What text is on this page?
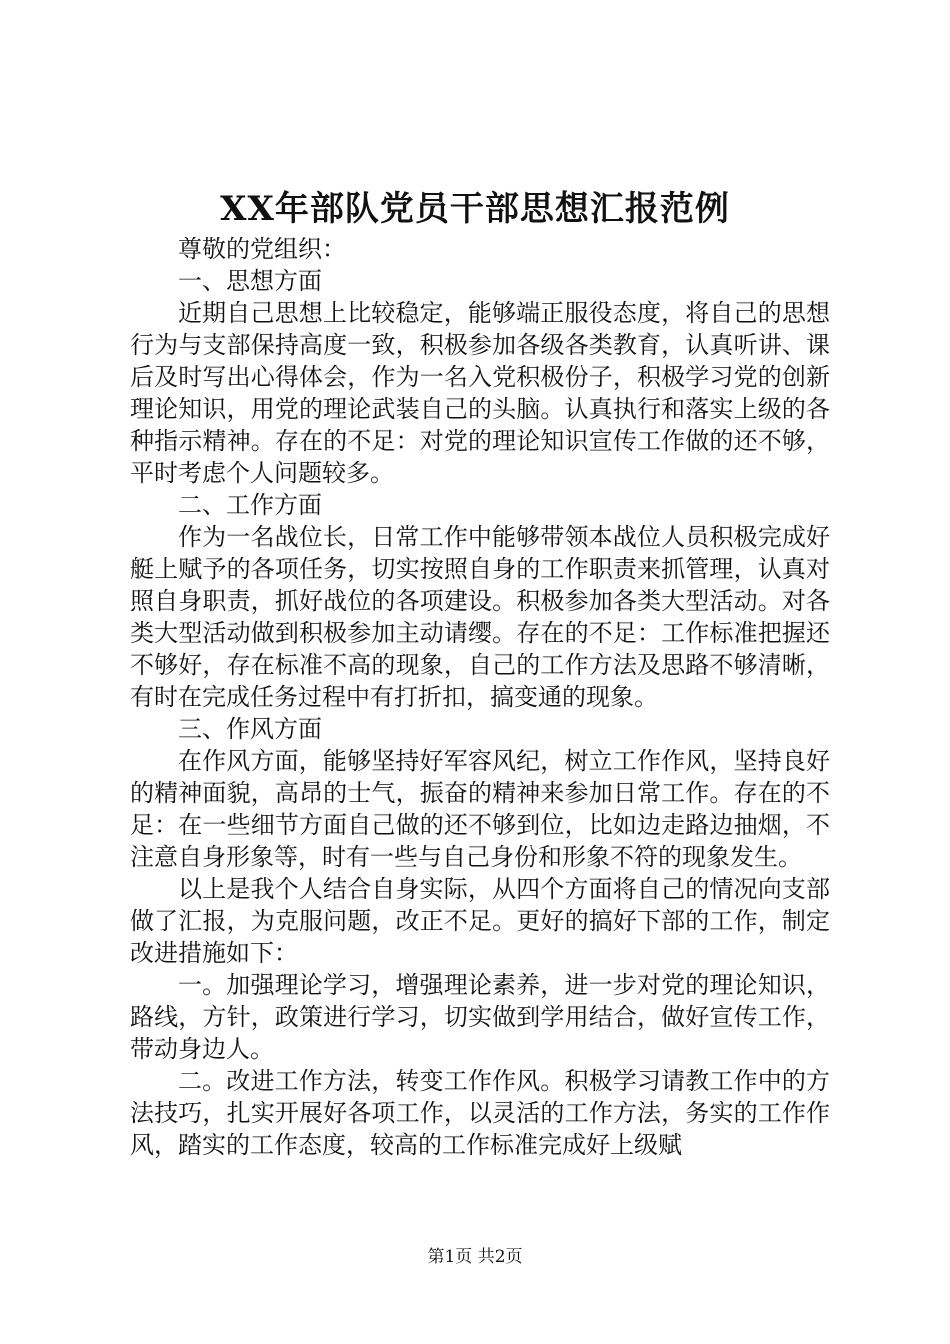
XX年部队党员干部思想汇报范例

尊敬的党组织：

一、思想方面

近期自己思想上比较稳定，能够端正服役态度，将自己的思想行为与支部保持高度一致，积极参加各级各类教育，认真听讲、课后及时写出心得体会，作为一名入党积极份子，积极学习党的创新理论知识，用党的理论武装自己的头脑。认真执行和落实上级的各种指示精神。存在的不足：对党的理论知识宣传工作做的还不够，平时考虑个人问题较多。

二、工作方面

作为一名战位长，日常工作中能够带领本战位人员积极完成好艇上赋予的各项任务，切实按照自身的工作职责来抓管理，认真对照自身职责，抓好战位的各项建设。积极参加各类大型活动。对各类大型活动做到积极参加主动请缨。存在的不足：工作标准把握还不够好，存在标准不高的现象，自己的工作方法及思路不够清晰，有时在完成任务过程中有打折扣，搞变通的现象。

三、作风方面

在作风方面，能够坚持好军容风纪，树立工作作风，坚持良好的精神面貌，高昂的士气，振奋的精神来参加日常工作。存在的不足：在一些细节方面自己做的还不够到位，比如边走路边抽烟，不注意自身形象等，时有一些与自己身份和形象不符的现象发生。

以上是我个人结合自身实际，从四个方面将自己的情况向支部做了汇报，为克服问题，改正不足。更好的搞好下部的工作，制定改进措施如下：

一。加强理论学习，增强理论素养，进一步对党的理论知识，路线，方针，政策进行学习，切实做到学用结合，做好宣传工作，带动身边人。

二。改进工作方法，转变工作作风。积极学习请教工作中的方法技巧，扎实开展好各项工作，以灵活的工作方法，务实的工作作风，踏实的工作态度，较高的工作标准完成好上级赋

第1页 共2页
